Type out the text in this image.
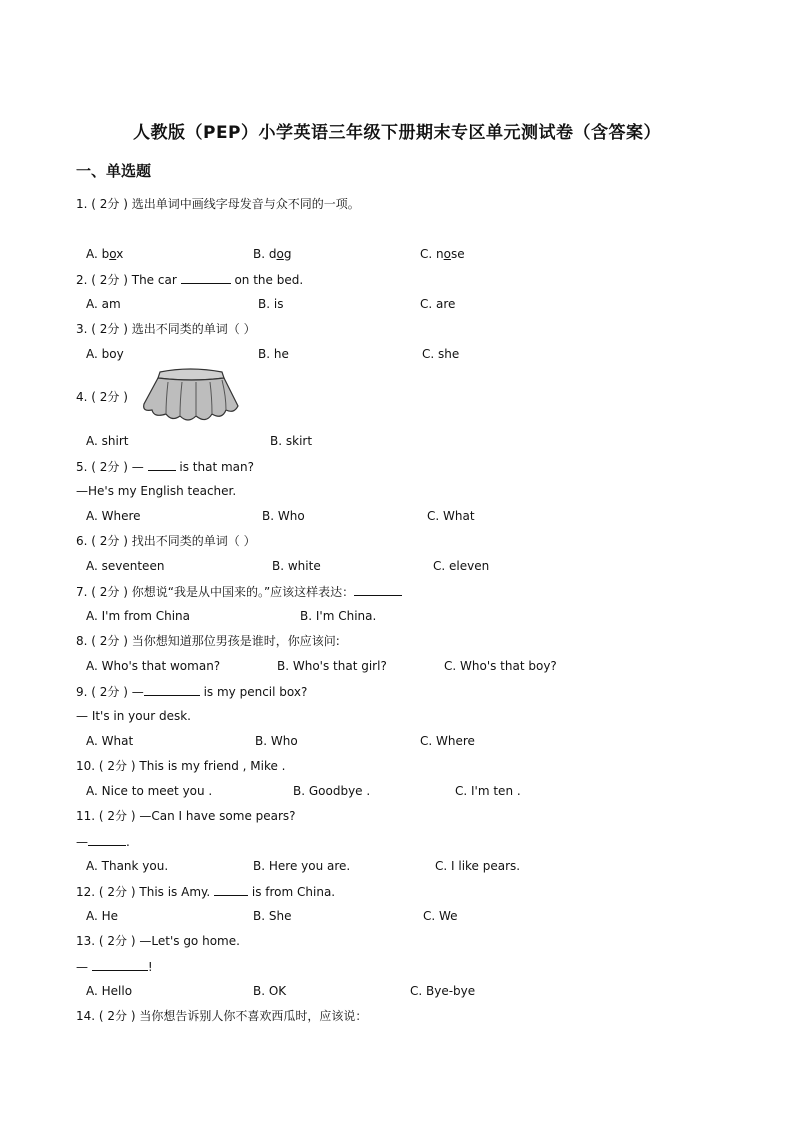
人教版（PEP）小学英语三年级下册期末专区单元测试卷（含答案）
一、单选题
1. ( 2分 ) 选出单词中画线字母发音与众不同的一项。
A. box	B. dog	C. nose
2. ( 2分 ) The car	on the bed.
A. am	B. is	C. are
3. ( 2分 ) 选出不同类的单词（ ）
A. boy	B. he	C. she
4. ( 2分 )
A. shirt	B. skirt
5. ( 2分 ) —	is that man?
—He's my English teacher.
A. Where	B. Who	C. What
6. ( 2分 ) 找出不同类的单词（ ）
A. seventeen	B. white	C. eleven
7. ( 2分 ) 你想说“我是从中国来的。”应该这样表达：
A. I'm from China	B. I'm China.
8. ( 2分 ) 当你想知道那位男孩是谁时，你应该问:
A. Who's that woman?	B. Who's that girl?	C. Who's that boy?
9. ( 2分 ) —	is my pencil box?
— It's in your desk.
A. What	B. Who	C. Where
10. ( 2分 ) This is my friend , Mike .
A. Nice to meet you .	B. Goodbye .	C. I'm ten .
11. ( 2分 ) —Can I have some pears?
—	.
A. Thank you.	B. Here you are.	C. I like pears.
12. ( 2分 ) This is Amy.	is from China.
A. He	B. She	C. We
13. ( 2分 ) —Let's go home.
—	!
A. Hello	B. OK	C. Bye-bye
14. ( 2分 ) 当你想告诉别人你不喜欢西瓜时，应该说：
